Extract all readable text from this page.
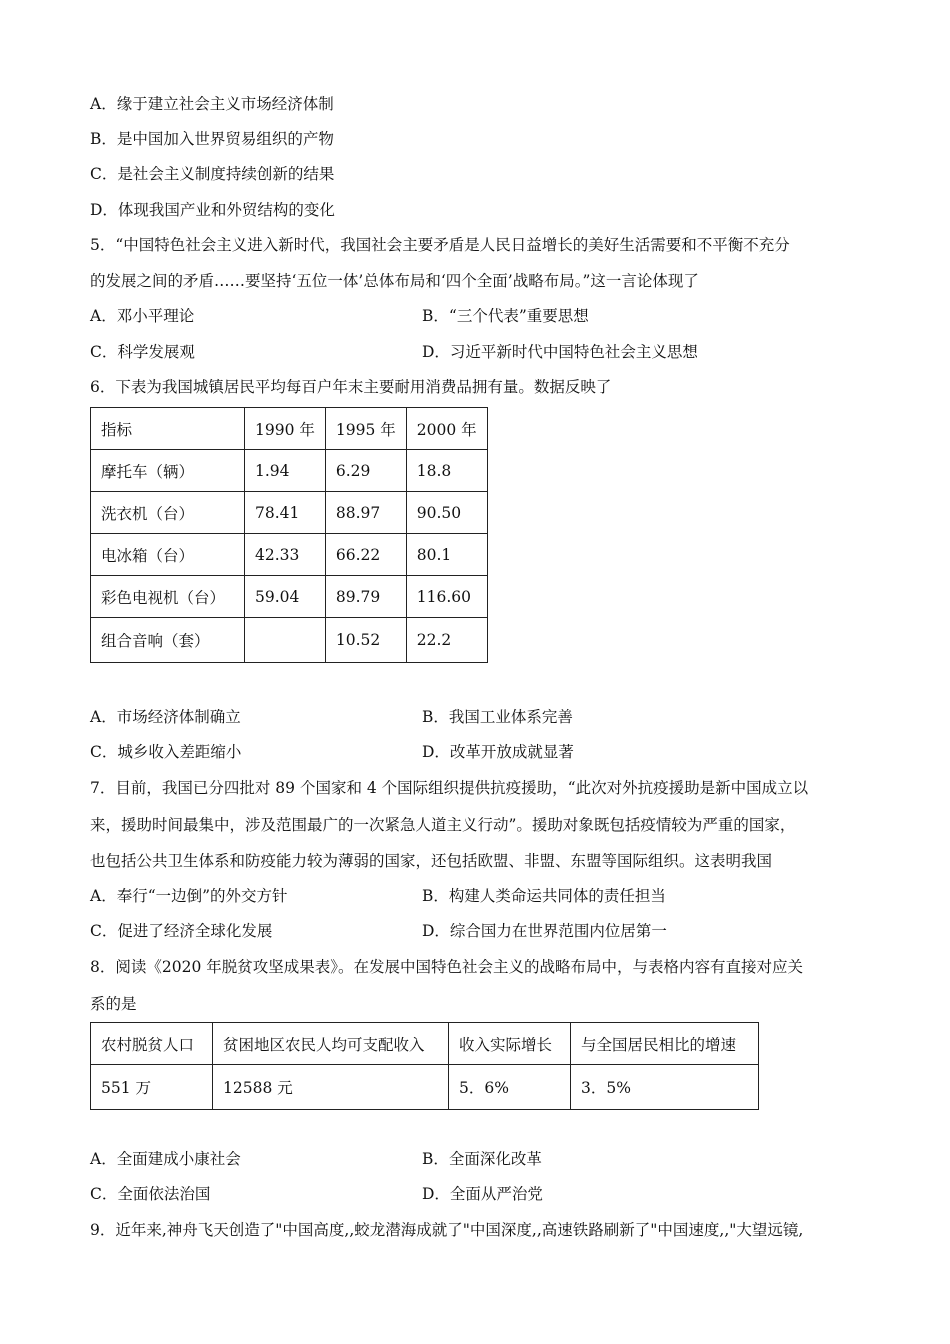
A．缘于建立社会主义市场经济体制
B．是中国加入世界贸易组织的产物
C．是社会主义制度持续创新的结果
D．体现我国产业和外贸结构的变化
5．“中国特色社会主义进入新时代，我国社会主要矛盾是人民日益增长的美好生活需要和不平衡不充分
的发展之间的矛盾……要坚持‘五位一体’总体布局和‘四个全面’战略布局。”这一言论体现了
A．邓小平理论	B．“三个代表”重要思想
C．科学发展观	D．习近平新时代中国特色社会主义思想
6．下表为我国城镇居民平均每百户年末主要耐用消费品拥有量。数据反映了
指标	1990 年	1995 年	2000 年
摩托车（辆）	1.94	6.29	18.8
洗衣机（台）	78.41	88.97	90.50
电冰箱（台）	42.33	66.22	80.1
彩色电视机（台）	59.04	89.79	116.60
组合音响（套）		10.52	22.2
A．市场经济体制确立	B．我国工业体系完善
C．城乡收入差距缩小	D．改革开放成就显著
7．目前，我国已分四批对 89 个国家和 4 个国际组织提供抗疫援助，“此次对外抗疫援助是新中国成立以
来，援助时间最集中，涉及范围最广的一次紧急人道主义行动”。援助对象既包括疫情较为严重的国家，
也包括公共卫生体系和防疫能力较为薄弱的国家，还包括欧盟、非盟、东盟等国际组织。这表明我国
A．奉行“一边倒”的外交方针	B．构建人类命运共同体的责任担当
C．促进了经济全球化发展	D．综合国力在世界范围内位居第一
8．阅读《2020 年脱贫攻坚成果表》。在发展中国特色社会主义的战略布局中，与表格内容有直接对应关
系的是
农村脱贫人口	贫困地区农民人均可支配收入	收入实际增长	与全国居民相比的增速
551 万	12588 元	5．6%	3．5%
A．全面建成小康社会	B．全面深化改革
C．全面依法治国	D．全面从严治党
9．近年来,神舟飞天创造了"中国高度,,蛟龙潜海成就了"中国深度,,高速铁路刷新了"中国速度,,"大望远镜,
